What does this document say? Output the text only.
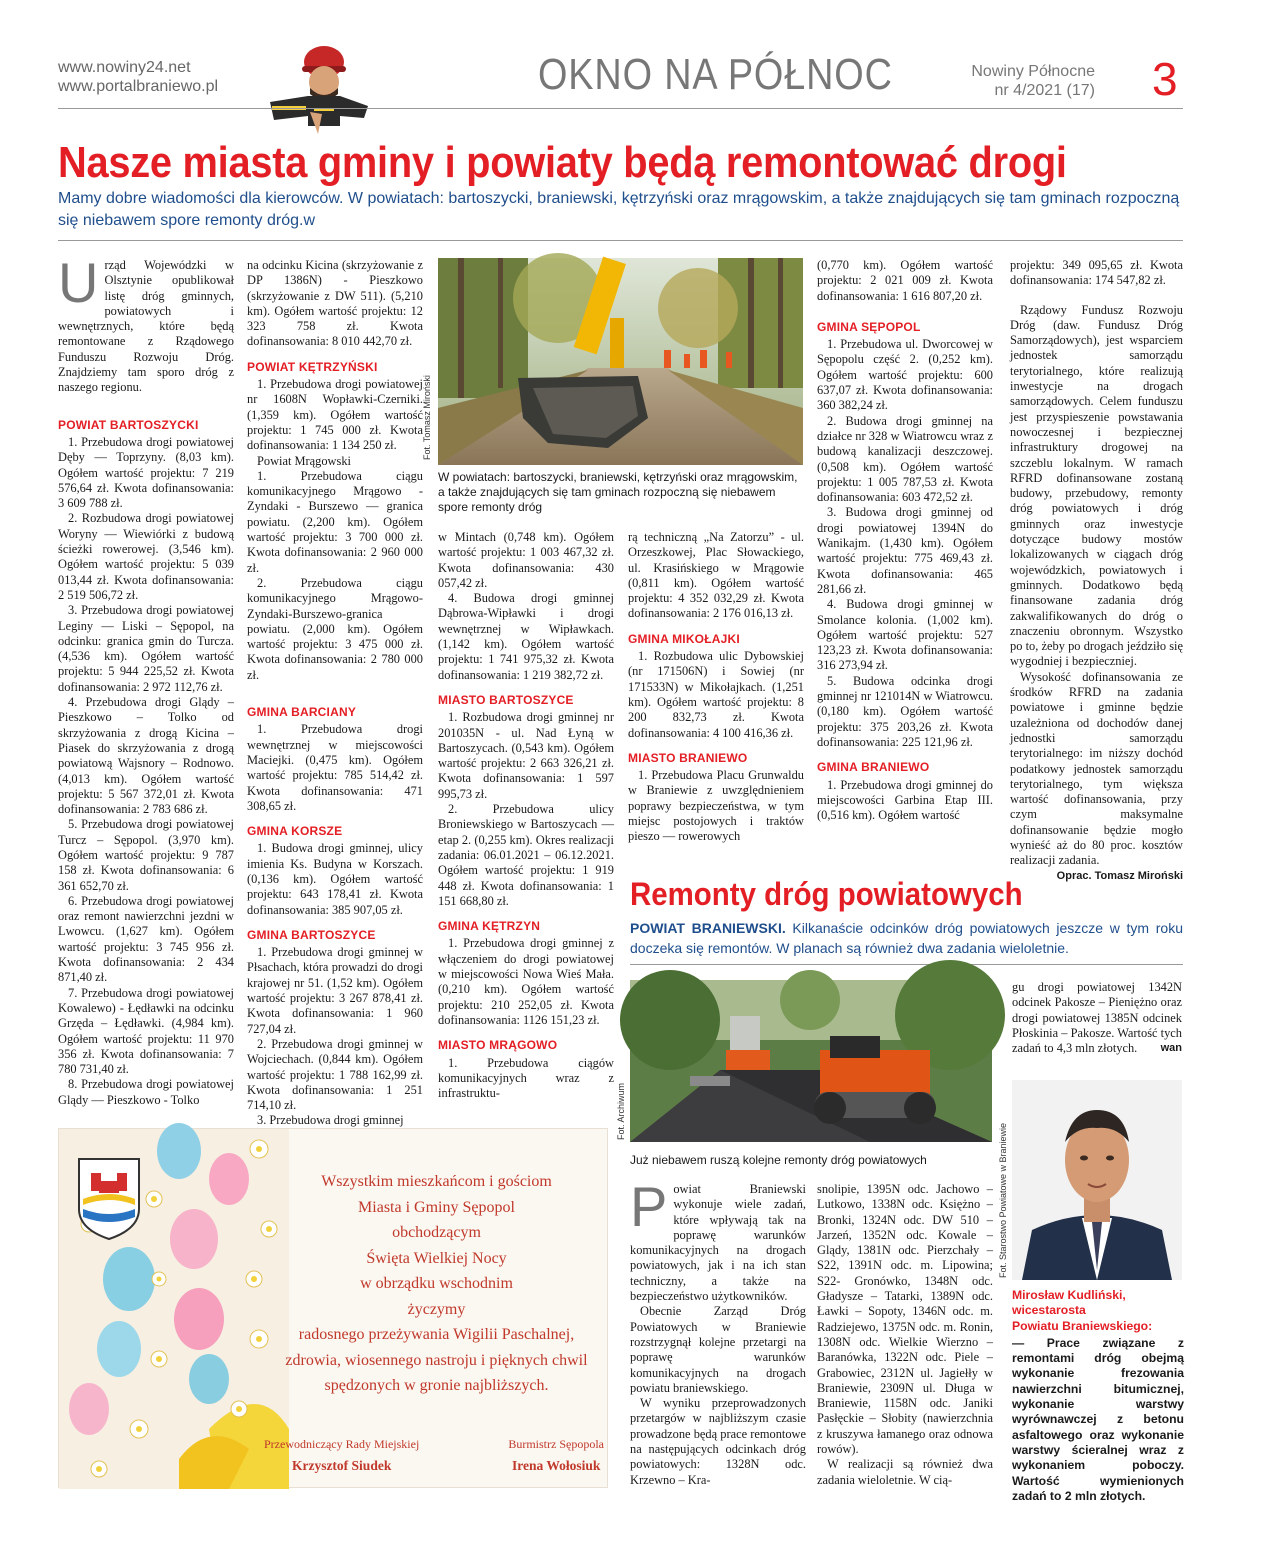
www.nowiny24.net
www.portalbraniewo.pl	OKNO NA PÓŁNOC	Nowiny Północne
nr 4/2021 (17) 3
Nasze miasta gminy i powiaty będą remontować drogi
Mamy dobre wiadomości dla kierowców. W powiatach: bartoszycki, braniewski, kętrzyński oraz mrągowskim, a także znajdujących się tam gminach rozpoczną się niebawem spore remonty dróg.w

Urząd Wojewódzki w Olsztynie opublikował listę dróg gminnych, powiatowych i wewnętrznych, które będą remontowane z Rządowego Funduszu Rozwoju Dróg. Znajdziemy tam sporo dróg z naszego regionu.

POWIAT BARTOSZYCKI

1. Przebudowa drogi powiatowej Dęby — Toprzyny. (8,03 km). Ogółem wartość projektu: 7 219 576,64 zł. Kwota dofinansowania: 3 609 788 zł.

2. Rozbudowa drogi powiatowej Woryny — Wiewiórki z budową ścieżki rowerowej. (3,546 km). Ogółem wartość projektu: 5 039 013,44 zł. Kwota dofinansowania: 2 519 506,72 zł.

3. Przebudowa drogi powiatowej Leginy — Liski – Sępopol, na odcinku: granica gmin do Turcza. (4,536 km). Ogółem wartość projektu: 5 944 225,52 zł. Kwota dofinansowania: 2 972 112,76 zł.

4. Przebudowa drogi Glądy – Pieszkowo – Tolko od skrzyżowania z drogą Kicina – Piasek do skrzyżowania z drogą powiatową Wajsnory – Rodnowo. (4,013 km). Ogółem wartość projektu: 5 567 372,01 zł. Kwota dofinansowania: 2 783 686 zł.

5. Przebudowa drogi powiatowej Turcz – Sępopol. (3,970 km). Ogółem wartość projektu: 9 787 158 zł. Kwota dofinansowania: 6 361 652,70 zł.

6. Przebudowa drogi powiatowej oraz remont nawierzchni jezdni w Lwowcu. (1,627 km). Ogółem wartość projektu: 3 745 956 zł. Kwota dofinansowania: 2 434 871,40 zł.

7. Przebudowa drogi powiatowej Kowalewo) - Łędławki na odcinku Grzęda – Łędławki. (4,984 km). Ogółem wartość projektu: 11 970 356 zł. Kwota dofinansowania: 7 780 731,40 zł.

8. Przebudowa drogi powiatowej Glądy — Pieszkowo - Tolko

na odcinku Kicina (skrzyżowanie z DP 1386N) - Pieszkowo (skrzyżowanie z DW 511). (5,210 km). Ogółem wartość projektu: 12 323 758 zł. Kwota dofinansowania: 8 010 442,70 zł.

POWIAT KĘTRZYŃSKI

1. Przebudowa drogi powiatowej nr 1608N Wopławki-Czerniki. (1,359 km). Ogółem wartość projektu: 1 745 000 zł. Kwota dofinansowania: 1 134 250 zł.

Powiat Mrągowski

1. Przebudowa ciągu komunikacyjnego Mrągowo - Zyndaki - Burszewo — granica powiatu. (2,200 km). Ogółem wartość projektu: 3 700 000 zł. Kwota dofinansowania: 2 960 000 zł.

2. Przebudowa ciągu komunikacyjnego Mrągowo-Zyndaki-Burszewo-granica powiatu. (2,000 km). Ogółem wartość projektu: 3 475 000 zł. Kwota dofinansowania: 2 780 000 zł.

GMINA BARCIANY

1. Przebudowa drogi wewnętrznej w miejscowości Maciejki. (0,475 km). Ogółem wartość projektu: 785 514,42 zł. Kwota dofinansowania: 471 308,65 zł.

GMINA KORSZE

1. Budowa drogi gminnej, ulicy imienia Ks. Budyna w Korszach. (0,136 km). Ogółem wartość projektu: 643 178,41 zł. Kwota dofinansowania: 385 907,05 zł.

GMINA BARTOSZYCE

1. Przebudowa drogi gminnej w Płsachach, która prowadzi do drogi krajowej nr 51. (1,52 km). Ogółem wartość projektu: 3 267 878,41 zł. Kwota dofinansowania: 1 960 727,04 zł.

2. Przebudowa drogi gminnej w Wojciechach. (0,844 km). Ogółem wartość projektu: 1 788 162,99 zł. Kwota dofinansowania: 1 251 714,10 zł.

3. Przebudowa drogi gminnej

Fot. Tomasz Miroński
W powiatach: bartoszycki, braniewski, kętrzyński oraz mrągowskim, a także znajdujących się tam gminach rozpoczną się niebawem spore remonty dróg

w Mintach (0,748 km). Ogółem wartość projektu: 1 003 467,32 zł. Kwota dofinansowania: 430 057,42 zł.

4. Budowa drogi gminnej Dąbrowa-Wipławki i drogi wewnętrznej w Wipławkach. (1,142 km). Ogółem wartość projektu: 1 741 975,32 zł. Kwota dofinansowania: 1 219 382,72 zł.

MIASTO BARTOSZYCE

1. Rozbudowa drogi gminnej nr 201035N - ul. Nad Łyną w Bartoszycach. (0,543 km). Ogółem wartość projektu: 2 663 326,21 zł. Kwota dofinansowania: 1 597 995,73 zł.

2. Przebudowa ulicy Broniewskiego w Bartoszycach — etap 2. (0,255 km). Okres realizacji zadania: 06.01.2021 – 06.12.2021. Ogółem wartość projektu: 1 919 448 zł. Kwota dofinansowania: 1 151 668,80 zł.

GMINA KĘTRZYN

1. Przebudowa drogi gminnej z włączeniem do drogi powiatowej w miejscowości Nowa Wieś Mała. (0,210 km). Ogółem wartość projektu: 210 252,05 zł. Kwota dofinansowania: 1126 151,23 zł.

MIASTO MRĄGOWO

1. Przebudowa ciągów komunikacyjnych wraz z infrastruktu-

rą techniczną „Na Zatorzu” - ul. Orzeszkowej, Plac Słowackiego, ul. Krasińskiego w Mrągowie (0,811 km). Ogółem wartość projektu: 4 352 032,29 zł. Kwota dofinansowania: 2 176 016,13 zł.

GMINA MIKOŁAJKI

1. Rozbudowa ulic Dybowskiej (nr 171506N) i Sowiej (nr 171533N) w Mikołajkach. (1,251 km). Ogółem wartość projektu: 8 200 832,73 zł. Kwota dofinansowania: 4 100 416,36 zł.

MIASTO BRANIEWO

1. Przebudowa Placu Grunwaldu w Braniewie z uwzględnieniem poprawy bezpieczeństwa, w tym miejsc postojowych i traktów pieszo — rowerowych

(0,770 km). Ogółem wartość projektu: 2 021 009 zł. Kwota dofinansowania: 1 616 807,20 zł.

GMINA SĘPOPOL

1. Przebudowa ul. Dworcowej w Sępopolu część 2. (0,252 km). Ogółem wartość projektu: 600 637,07 zł. Kwota dofinansowania: 360 382,24 zł.

2. Budowa drogi gminnej na działce nr 328 w Wiatrowcu wraz z budową kanalizacji deszczowej. (0,508 km). Ogółem wartość projektu: 1 005 787,53 zł. Kwota dofinansowania: 603 472,52 zł.

3. Budowa drogi gminnej od drogi powiatowej 1394N do Wanikajm. (1,430 km). Ogółem wartość projektu: 775 469,43 zł. Kwota dofinansowania: 465 281,66 zł.

4. Budowa drogi gminnej w Smolance kolonia. (1,002 km). Ogółem wartość projektu: 527 123,23 zł. Kwota dofinansowania: 316 273,94 zł.

5. Budowa odcinka drogi gminnej nr 121014N w Wiatrowcu. (0,180 km). Ogółem wartość projektu: 375 203,26 zł. Kwota dofinansowania: 225 121,96 zł.

GMINA BRANIEWO

1. Przebudowa drogi gminnej do miejscowości Garbina Etap III. (0,516 km). Ogółem wartość

projektu: 349 095,65 zł. Kwota dofinansowania: 174 547,82 zł.

Rządowy Fundusz Rozwoju Dróg (daw. Fundusz Dróg Samorządowych), jest wsparciem jednostek samorządu terytorialnego, które realizują inwestycje na drogach samorządowych. Celem funduszu jest przyspieszenie powstawania nowoczesnej i bezpiecznej infrastruktury drogowej na szczeblu lokalnym. W ramach RFRD dofinansowane zostaną budowy, przebudowy, remonty dróg powiatowych i dróg gminnych oraz inwestycje dotyczące budowy mostów lokalizowanych w ciągach dróg wojewódzkich, powiatowych i gminnych. Dodatkowo będą finansowane zadania dróg zakwalifikowanych do dróg o znaczeniu obronnym. Wszystko po to, żeby po drogach jeździło się wygodniej i bezpieczniej.

Wysokość dofinansowania ze środków RFRD na zadania powiatowe i gminne będzie uzależniona od dochodów danej jednostki samorządu terytorialnego: im niższy dochód podatkowy jednostek samorządu terytorialnego, tym większa wartość dofinansowania, przy czym maksymalne dofinansowanie będzie mogło wynieść aż do 80 proc. kosztów realizacji zadania.

Oprac. Tomasz Miroński

Remonty dróg powiatowych
POWIAT BRANIEWSKI. Kilkanaście odcinków dróg powiatowych jeszcze w tym roku doczeka się remontów. W planach są również dwa zadania wieloletnie.
Fot. Archiwum
Już niebawem ruszą kolejne remonty dróg powiatowych

Powiat Braniewski wykonuje wiele zadań, które wpływają tak na poprawę warunków komunikacyjnych na drogach powiatowych, jak i na ich stan techniczny, a także na bezpieczeństwo użytkowników.

Obecnie Zarząd Dróg Powiatowych w Braniewie rozstrzygnął kolejne przetargi na poprawę warunków komunikacyjnych na drogach powiatu braniewskiego.

W wyniku przeprowadzonych przetargów w najbliższym czasie prowadzone będą prace remontowe na następujących odcinkach dróg powiatowych: 1328N odc. Krzewno – Kra-

snolipie, 1395N odc. Jachowo – Lutkowo, 1338N odc. Księżno – Bronki, 1324N odc. DW 510 – Jarzeń, 1352N odc. Kowale – Glądy, 1381N odc. Pierzchały – S22, 1391N odc. m. Lipowina; S22- Gronówko, 1348N odc. Gładysze – Tatarki, 1389N odc. Ławki – Sopoty, 1346N odc. m. Radziejewo, 1375N odc. m. Ronin, 1308N odc. Wielkie Wierzno – Baranówka, 1322N odc. Piele – Grabowiec, 2312N ul. Jagiełły w Braniewie, 2309N ul. Długa w Braniewie, 1158N odc. Janiki Pasłęckie – Słobity (nawierzchnia z kruszywa łamanego oraz odnowa rowów).

W realizacji są również dwa zadania wieloletnie. W cią-

gu drogi powiatowej 1342N odcinek Pakosze – Pieniężno oraz drogi powiatowej 1385N odcinek Płoskinia – Pakosze. Wartość tych zadań to 4,3 mln złotych.	wan

Fot. Starostwo Powiatowe w Braniewie
Mirosław Kudliński,
wicestarosta
Powiatu Braniewskiego:
— Prace związane z remontami dróg obejmą wykonanie frezowania nawierzchni bitumicznej, wykonanie warstwy wyrównawczej z betonu asfaltowego oraz wykonanie warstwy ścieralnej wraz z wykonaniem poboczy. Wartość wymienionych zadań to 2 mln złotych.
Wszystkim mieszkańcom i gościom
Miasta i Gminy Sępopol
obchodzącym
Święta Wielkiej Nocy
w obrządku wschodnim
życzymy
radosnego przeżywania Wigilii Paschalnej,
zdrowia, wiosennego nastroju i pięknych chwil
spędzonych w gronie najbliższych.
Przewodniczący Rady Miejskiej
Krzysztof Siudek
Burmistrz Sępopola
Irena Wołosiuk
